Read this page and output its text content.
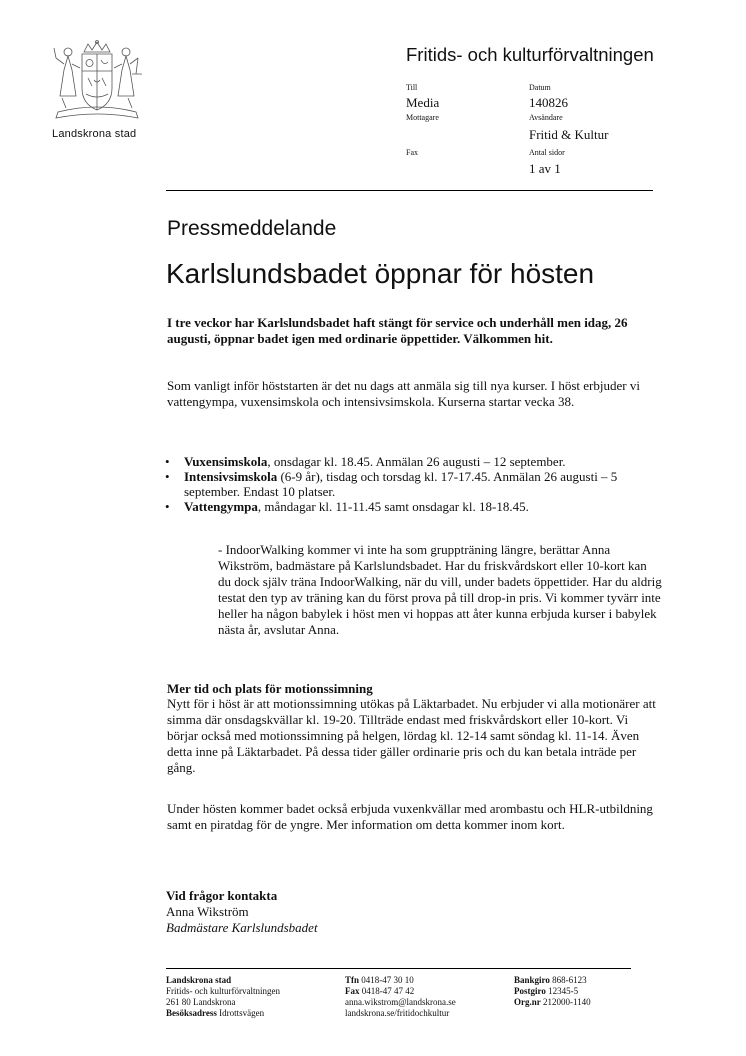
Landskrona stad
Fritids- och kulturförvaltningen
Till
Media
Mottagare
Fax
Datum
140826
Avsändare
Fritid & Kultur
Antal sidor
1 av 1
Pressmeddelande
Karlslundsbadet öppnar för hösten
I tre veckor har Karlslundsbadet haft stängt för service och underhåll men idag, 26 augusti, öppnar badet igen med ordinarie öppettider. Välkommen hit.
Som vanligt inför höststarten är det nu dags att anmäla sig till nya kurser. I höst erbjuder vi vattengympa, vuxensimskola och intensivsimskola. Kurserna startar vecka 38.
• Vuxensimskola, onsdagar kl. 18.45. Anmälan 26 augusti – 12 september.
• Intensivsimskola (6-9 år), tisdag och torsdag kl. 17-17.45. Anmälan 26 augusti – 5 september. Endast 10 platser.
• Vattengympa, måndagar kl. 11-11.45 samt onsdagar kl. 18-18.45.
- IndoorWalking kommer vi inte ha som gruppträning längre, berättar Anna Wikström, badmästare på Karlslundsbadet. Har du friskvårdskort eller 10-kort kan du dock själv träna IndoorWalking, när du vill, under badets öppettider. Har du aldrig testat den typ av träning kan du först prova på till drop-in pris. Vi kommer tyvärr inte heller ha någon babylek i höst men vi hoppas att åter kunna erbjuda kurser i babylek nästa år, avslutar Anna.
Mer tid och plats för motionssimning
Nytt för i höst är att motionssimning utökas på Läktarbadet. Nu erbjuder vi alla motionärer att simma där onsdagskvällar kl. 19-20. Tillträde endast med friskvårdskort eller 10-kort. Vi börjar också med motionssimning på helgen, lördag kl. 12-14 samt söndag kl. 11-14. Även detta inne på Läktarbadet. På dessa tider gäller ordinarie pris och du kan betala inträde per gång.
Under hösten kommer badet också erbjuda vuxenkvällar med arombastu och HLR-utbildning samt en piratdag för de yngre. Mer information om detta kommer inom kort.
Vid frågor kontakta
Anna Wikström
Badmästare Karlslundsbadet
Landskrona stad
Fritids- och kulturförvaltningen
261 80 Landskrona
Besöksadress Idrottsvägen
Tfn 0418-47 30 10
Fax 0418-47 47 42
anna.wikstrom@landskrona.se
landskrona.se/fritidochkultur
Bankgiro 868-6123
Postgiro 12345-5
Org.nr 212000-1140
